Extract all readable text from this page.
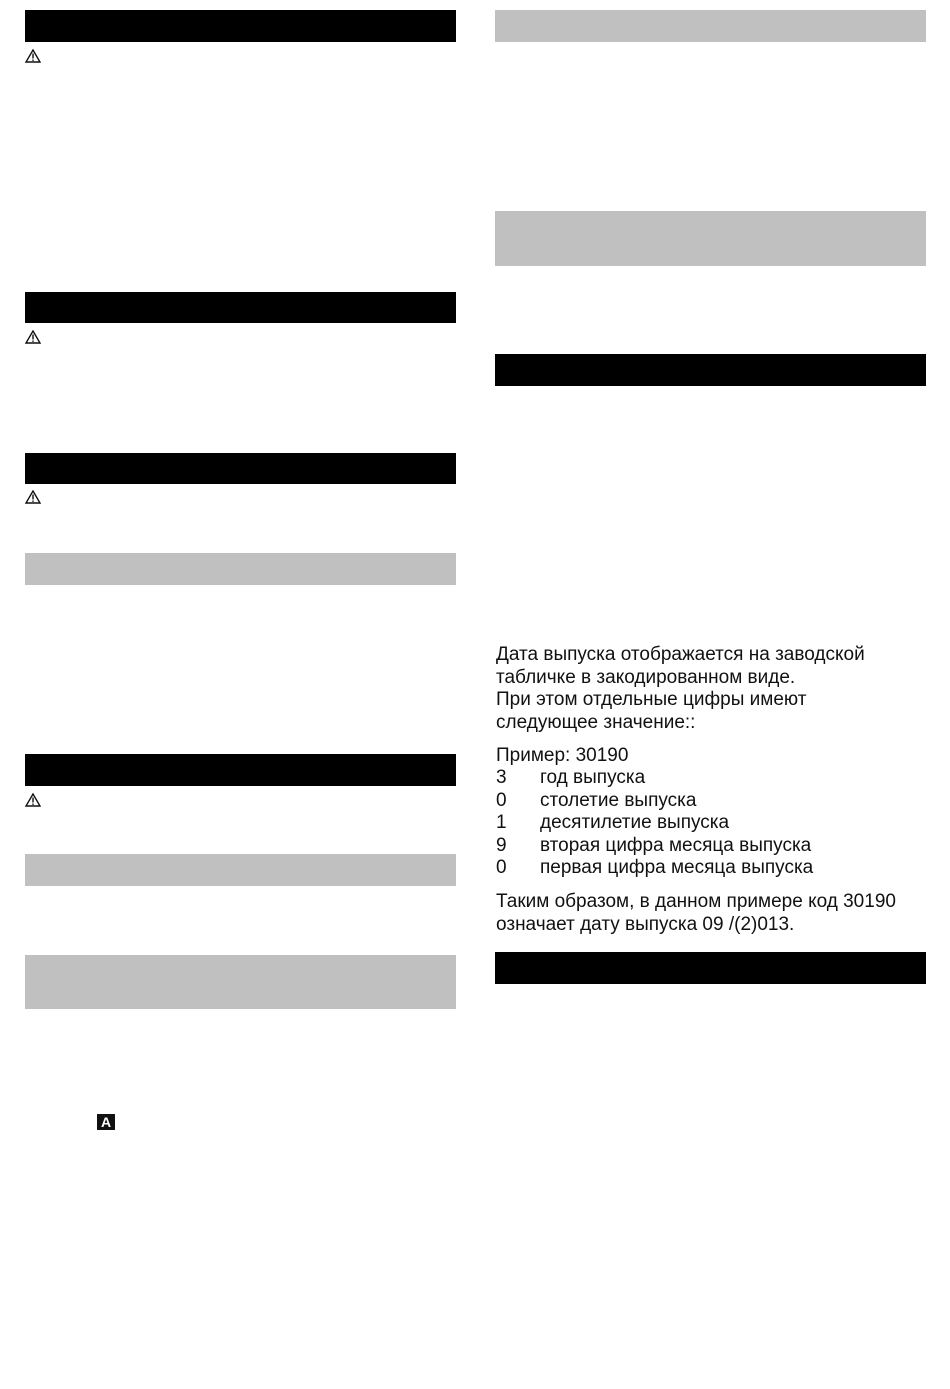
A
Дата выпуска отображается на заводской
табличке в закодированном виде.
При этом отдельные цифры имеют
следующее значение::
Пример: 30190
3 год выпуска
0 столетие выпуска
1 десятилетие выпуска
9 вторая цифра месяца выпуска
0 первая цифра месяца выпуска
Таким образом, в данном примере код 30190
означает дату выпуска 09 /(2)013.
